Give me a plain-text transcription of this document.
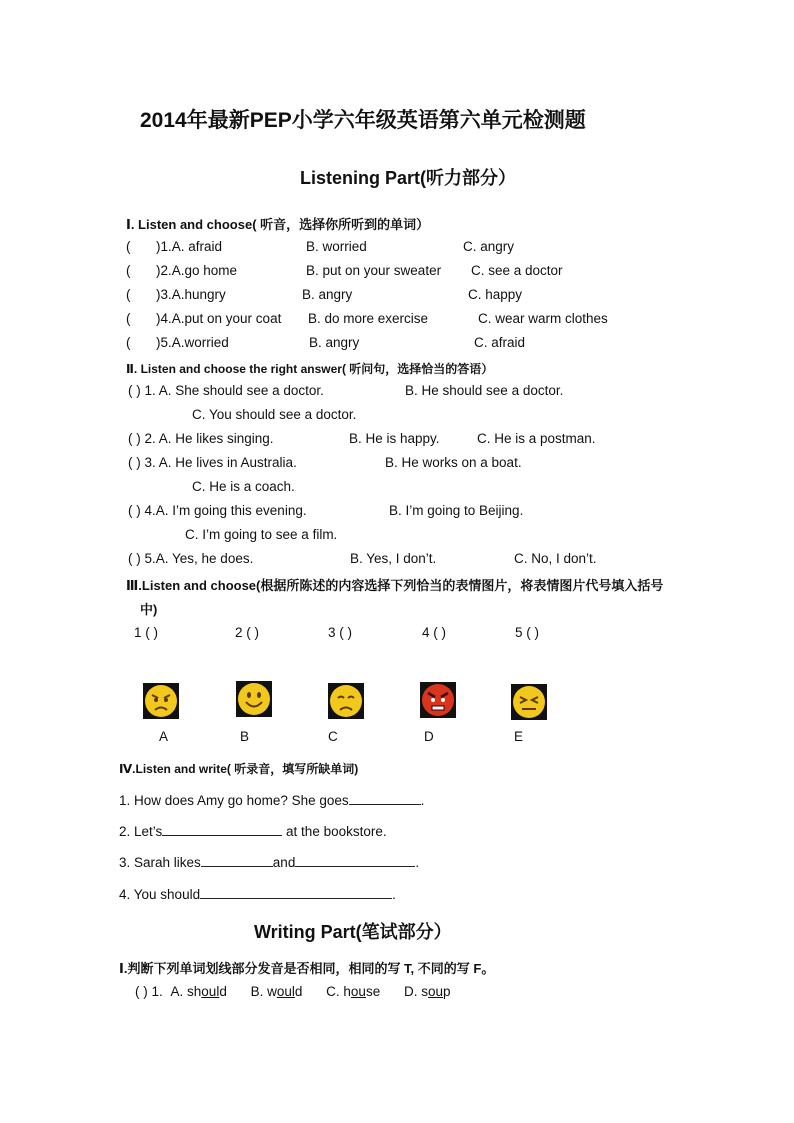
2014年最新PEP小学六年级英语第六单元检测题
Listening Part(听力部分）
Ⅰ. Listen and choose( 听音，选择你所听到的单词）
( )1.A. afraid	B. worried	C. angry
( )2.A.go home	B. put on your sweater C. see a doctor
( )3.A.hungry	B. angry	C. happy
( )4.A.put on your coat B. do more exercise	C. wear warm clothes
( )5.A.worried	B. angry	C. afraid
Ⅱ. Listen and choose the right answer( 听问句，选择恰当的答语）
( ) 1. A. She should see a doctor.	B. He should see a doctor.
C. You should see a doctor.
( ) 2. A. He likes singing.	B. He is happy.	C. He is a postman.
( ) 3. A. He lives in Australia.	B. He works on a boat.
C. He is a coach.
( ) 4.A. I’m going this evening.	B. I’m going to Beijing.
C. I’m going to see a film.
( ) 5.A. Yes, he does.	B. Yes, I don’t.	C. No, I don’t.
Ⅲ.Listen and choose(根据所陈述的内容选择下列恰当的表情图片，将表情图片代号填入括号
中)
1 ( )	2 ( )	3 ( )	4 ( )	5 ( )
A	B	C	D	E
Ⅳ.Listen and write( 听录音，填写所缺单词)
1. How does Amy go home? She goes	.
2. Let’s	at the bookstore.
3. Sarah likes	and	.
4. You should	.
Writing Part(笔试部分）
Ⅰ.判断下列单词划线部分发音是否相同，相同的写 T, 不同的写 F。
( ) 1. A. should B. would C. house D. soup
